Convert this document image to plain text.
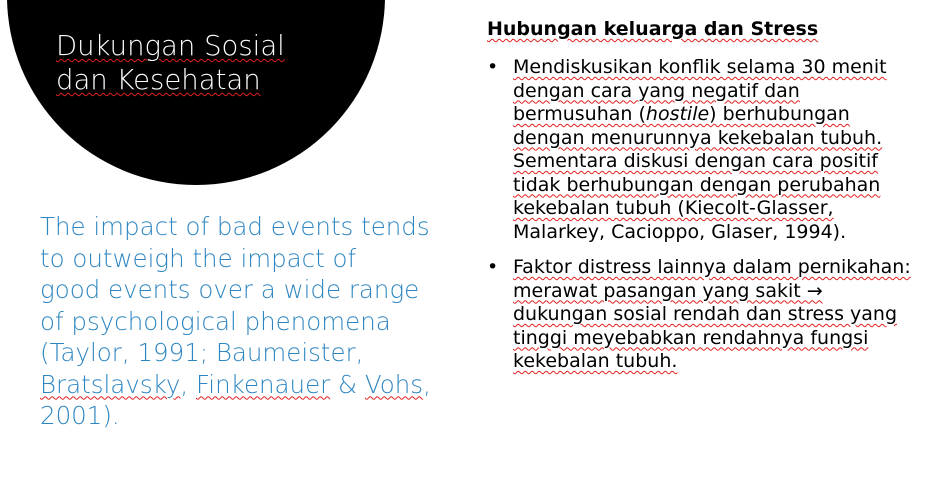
Dukungan Sosial
dan Kesehatan
The impact of bad events tends
to outweigh the impact of
good events over a wide range
of psychological phenomena
(Taylor, 1991; Baumeister,
Bratslavsky, Finkenauer & Vohs,
2001).
Hubungan keluarga dan Stress
• Mendiskusikan konflik selama 30 menit
dengan cara yang negatif dan
bermusuhan (hostile) berhubungan
dengan menurunnya kekebalan tubuh.
Sementara diskusi dengan cara positif
tidak berhubungan dengan perubahan
kekebalan tubuh (Kiecolt-Glasser,
Malarkey, Cacioppo, Glaser, 1994).
• Faktor distress lainnya dalam pernikahan:
merawat pasangan yang sakit →
dukungan sosial rendah dan stress yang
tinggi meyebabkan rendahnya fungsi
kekebalan tubuh.
